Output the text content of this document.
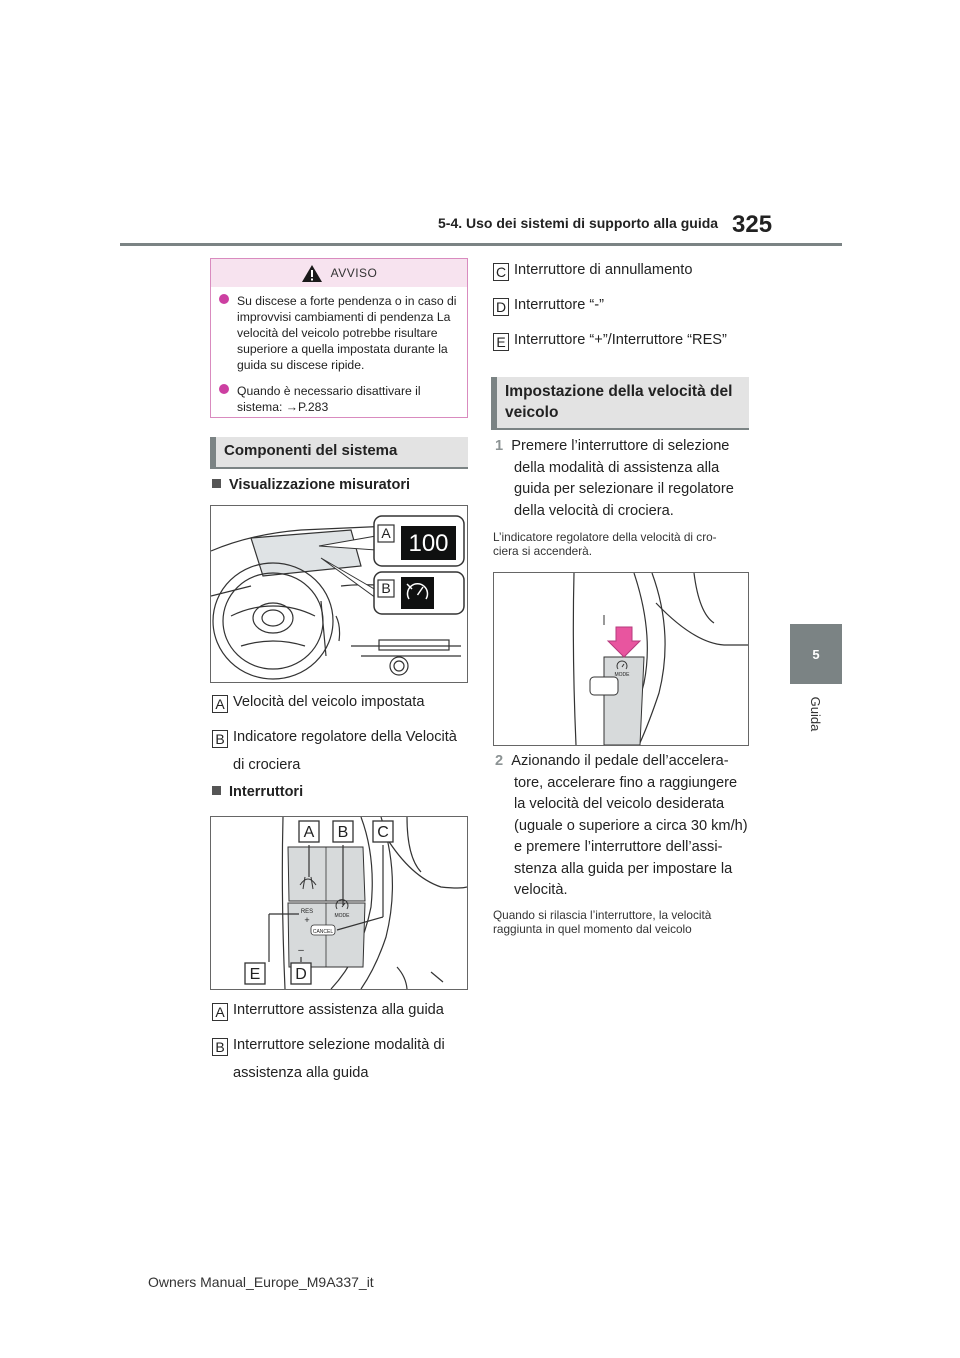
5-4. Uso dei sistemi di supporto alla guida 325
5
Guida
AVVISO
Su discese a forte pendenza o in caso di improvvisi cambiamenti di pendenza La velocità del veicolo potrebbe risultare superiore a quella impostata durante la guida su discese ripide.
Quando è necessario disattivare il sistema: →P.283
Componenti del sistema
Visualizzazione misuratori
100
A
B
A Velocità del veicolo impostata
B Indicatore regolatore della Velocità
di crociera
Interruttori
RES
+	MODE
CANCEL
–
A B C
D
E
A Interruttore assistenza alla guida
B Interruttore selezione modalità di
assistenza alla guida
C Interruttore di annullamento
D Interruttore “-”
E Interruttore “+”/Interruttore “RES”
Impostazione della velocità del
veicolo
1 Premere l’interruttore di selezione
della modalità di assistenza alla
guida per selezionare il regolatore
della velocità di crociera.
L’indicatore regolatore della velocità di cro-
ciera si accenderà.
MODE
2 Azionando il pedale dell’accelera-
tore, accelerare fino a raggiungere
la velocità del veicolo desiderata
(uguale o superiore a circa 30 km/h)
e premere l’interruttore dell’assi-
stenza alla guida per impostare la
velocità.
Quando si rilascia l’interruttore, la velocità
raggiunta in quel momento dal veicolo
Owners Manual_Europe_M9A337_it
